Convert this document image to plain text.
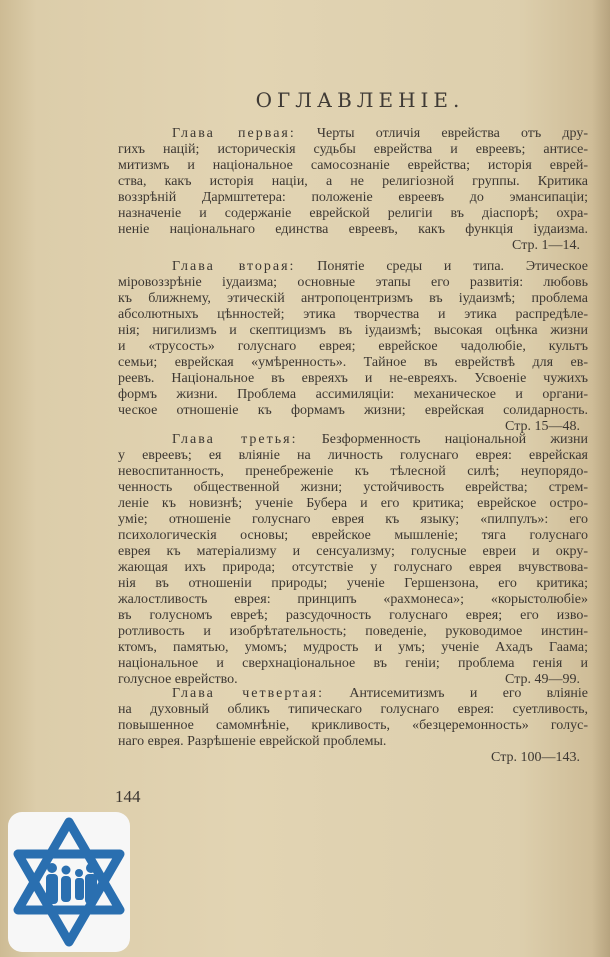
ОГЛАВЛЕНIЕ.
Глава первая: Черты отличiя еврейства отъ дру-
гихъ нацiй; историческiя судьбы еврейства и евреевъ; антисе-
митизмъ и нацiональное самосознанiе еврейства; исторiя еврей-
ства, какъ исторiя нацiи, а не религiозной группы. Критика
воззрѣнiй Дармштетера: положенiе евреевъ до эмансипацiи;
назначенiе и содержанiе еврейской религiи въ дiаспорѣ; охра-
ненiе нацiональнаго единства евреевъ, какъ функцiя iудаизма.
Стр. 1—14.
Глава вторая: Понятiе среды и типа. Этическое
мiровоззрѣнiе iудаизма; основные этапы его развитiя: любовь
къ ближнему, этическiй антропоцентризмъ въ iудаизмѣ; проблема
абсолютныхъ цѣнностей; этика творчества и этика распредѣле-
нiя; нигилизмъ и скептицизмъ въ iудаизмѣ; высокая оцѣнка жизни
и «трусость» голуснаго еврея; еврейское чадолюбiе, культъ
семьи; еврейская «умѣренность». Тайное въ еврействѣ для ев-
реевъ. Нацiональное въ евреяхъ и не-евреяхъ. Усвоенiе чужихъ
формъ жизни. Проблема ассимиляцiи: механическое и органи-
ческое отношенiе къ формамъ жизни; еврейская солидарность.
Стр. 15—48.
Глава третья: Безформенность нацiональной жизни
у евреевъ; ея влiянiе на личность голуснаго еврея: еврейская
невоспитанность, пренебреженiе къ тѣлесной силѣ; неупорядо-
ченность общественной жизни; устойчивость еврейства; стрем-
ленiе къ новизнѣ; ученiе Бубера и его критика; еврейское остро-
умiе; отношенiе голуснаго еврея къ языку; «пилпулъ»: его
психологическiя основы; еврейское мышленiе; тяга голуснаго
еврея къ матерiализму и сенсуализму; голусные евреи и окру-
жающая ихъ природа; отсутствiе у голуснаго еврея вчувствова-
нiя въ отношенiи природы; ученiе Гершензона, его критика;
жалостливость еврея: принципъ «рахмонеса»; «корыстолюбiе»
въ голусномъ евреѣ; разсудочность голуснаго еврея; его изво-
ротливость и изобрѣтательность; поведенiе, руководимое инстин-
ктомъ, памятью, умомъ; мудрость и умъ; ученiе Ахадъ Гаама;
нацiональное и сверхнацiональное въ генiи; проблема генiя и
голусное еврейство.	Стр. 49—99.
Глава четвертая: Антисемитизмъ и его влiянiе
на духовный обликъ типическаго голуснаго еврея: суетливость,
повышенное самомнѣнiе, крикливость, «безцеремонность» голус-
наго еврея. Разрѣшенiе еврейской проблемы.
Стр. 100—143.
144
